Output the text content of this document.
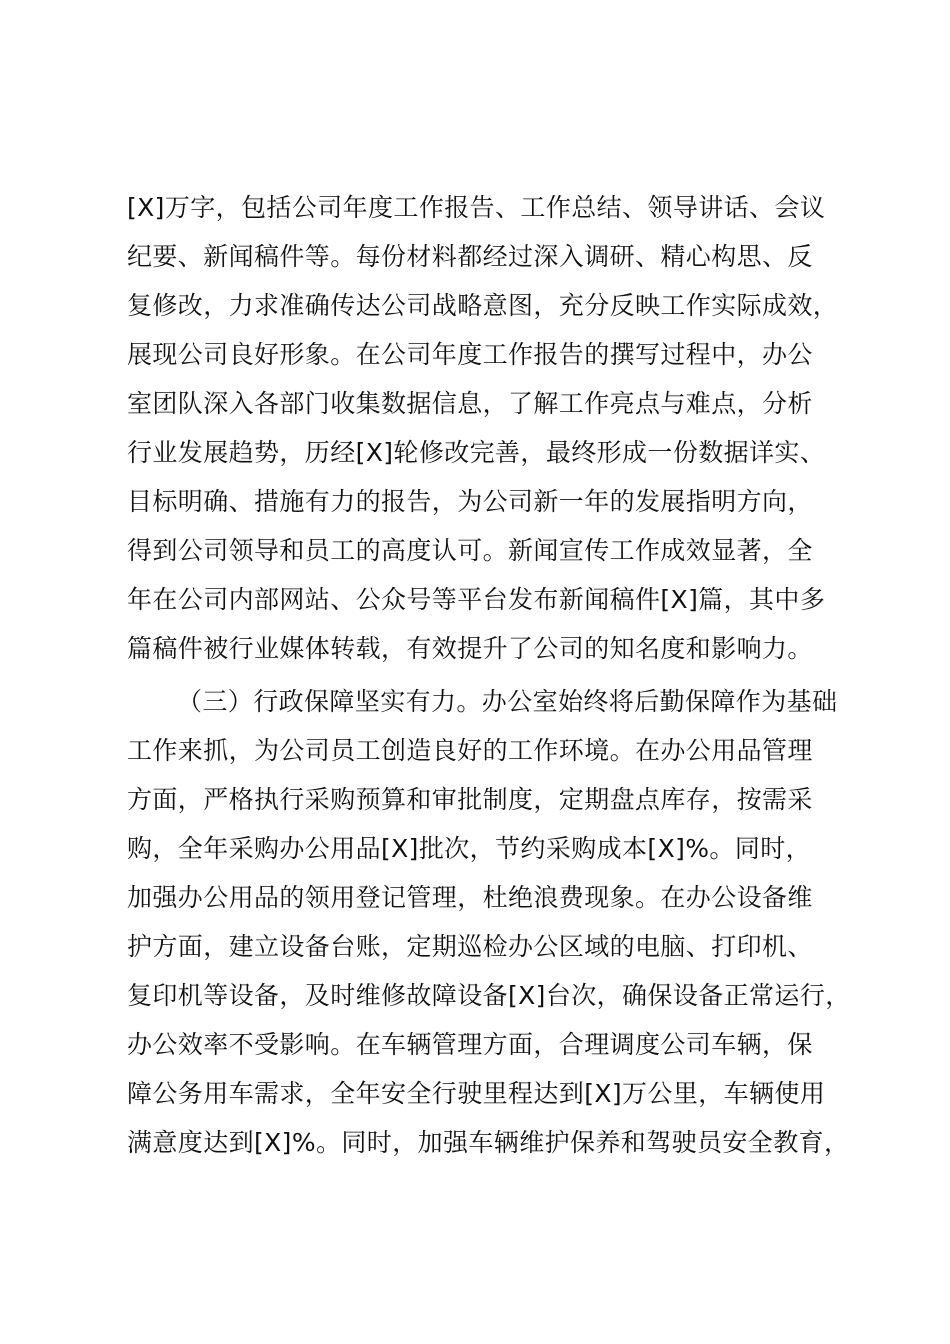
[X]万字，包括公司年度工作报告、工作总结、领导讲话、会议
纪要、新闻稿件等。每份材料都经过深入调研、精心构思、反
复修改，力求准确传达公司战略意图，充分反映工作实际成效，
展现公司良好形象。在公司年度工作报告的撰写过程中，办公
室团队深入各部门收集数据信息，了解工作亮点与难点，分析
行业发展趋势，历经[X]轮修改完善，最终形成一份数据详实、
目标明确、措施有力的报告，为公司新一年的发展指明方向，
得到公司领导和员工的高度认可。新闻宣传工作成效显著，全
年在公司内部网站、公众号等平台发布新闻稿件[X]篇，其中多
篇稿件被行业媒体转载，有效提升了公司的知名度和影响力。
（三）行政保障坚实有力。办公室始终将后勤保障作为基础
工作来抓，为公司员工创造良好的工作环境。在办公用品管理
方面，严格执行采购预算和审批制度，定期盘点库存，按需采
购，全年采购办公用品[X]批次，节约采购成本[X]%。同时，
加强办公用品的领用登记管理，杜绝浪费现象。在办公设备维
护方面，建立设备台账，定期巡检办公区域的电脑、打印机、
复印机等设备，及时维修故障设备[X]台次，确保设备正常运行，
办公效率不受影响。在车辆管理方面，合理调度公司车辆，保
障公务用车需求，全年安全行驶里程达到[X]万公里，车辆使用
满意度达到[X]%。同时，加强车辆维护保养和驾驶员安全教育，
